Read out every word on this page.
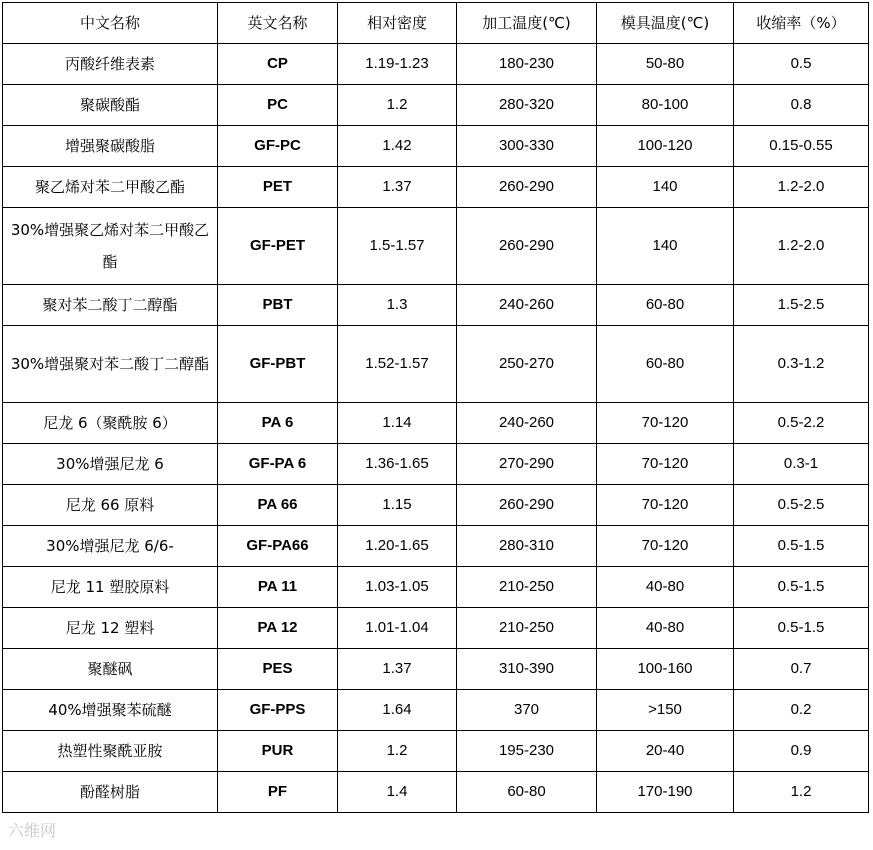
中文名称	英文名称	相对密度	加工温度(℃)	模具温度(℃)	收缩率（%）
丙酸纤维表素	CP	1.19-1.23	180-230	50-80	0.5
聚碳酸酯	PC	1.2	280-320	80-100	0.8
增强聚碳酸脂	GF-PC	1.42	300-330	100-120	0.15-0.55
聚乙烯对苯二甲酸乙酯	PET	1.37	260-290	140	1.2-2.0
30%增强聚乙烯对苯二甲酸乙酯	GF-PET	1.5-1.57	260-290	140	1.2-2.0
聚对苯二酸丁二醇酯	PBT	1.3	240-260	60-80	1.5-2.5
30%增强聚对苯二酸丁二醇酯	GF-PBT	1.52-1.57	250-270	60-80	0.3-1.2
尼龙 6（聚酰胺 6）	PA 6	1.14	240-260	70-120	0.5-2.2
30%增强尼龙 6	GF-PA 6	1.36-1.65	270-290	70-120	0.3-1
尼龙 66 原料	PA 66	1.15	260-290	70-120	0.5-2.5
30%增强尼龙 6/6-	GF-PA66	1.20-1.65	280-310	70-120	0.5-1.5
尼龙 11 塑胶原料	PA 11	1.03-1.05	210-250	40-80	0.5-1.5
尼龙 12 塑料	PA 12	1.01-1.04	210-250	40-80	0.5-1.5
聚醚砜	PES	1.37	310-390	100-160	0.7
40%增强聚苯硫醚	GF-PPS	1.64	370	>150	0.2
热塑性聚酰亚胺	PUR	1.2	195-230	20-40	0.9
酚醛树脂	PF	1.4	60-80	170-190	1.2
六维网
